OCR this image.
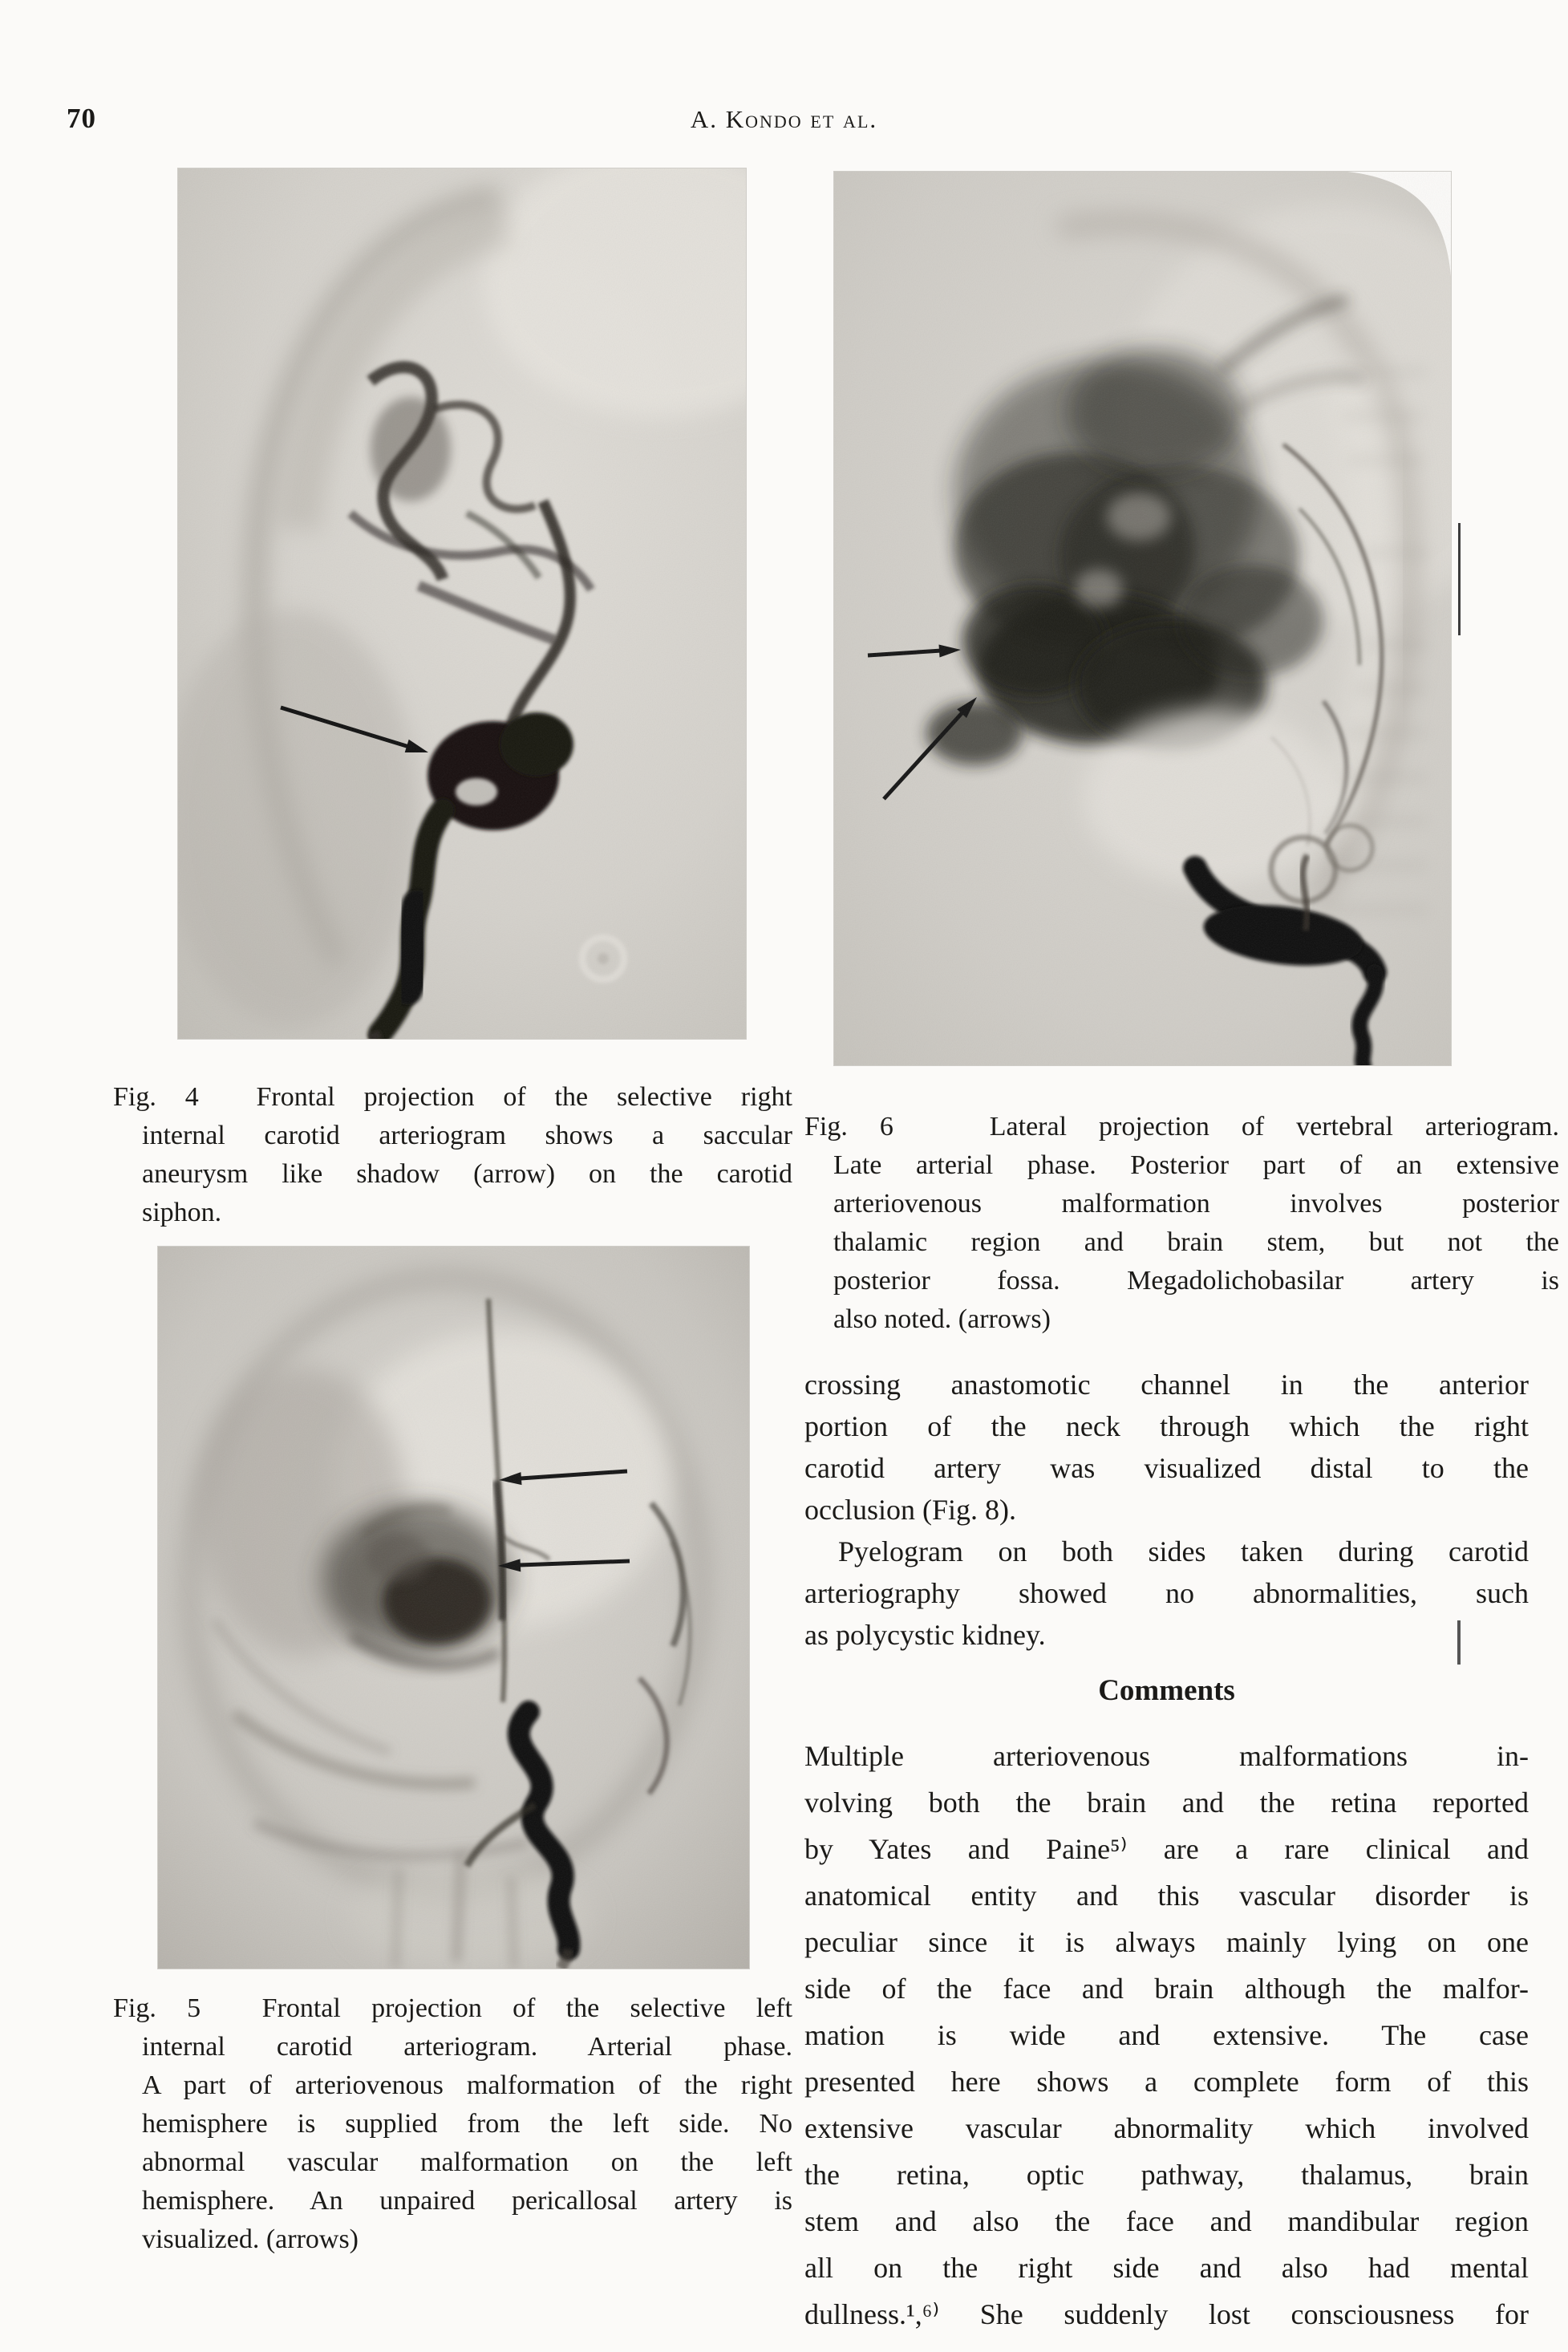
70	A. Kondo et al.
Fig. 4  Frontal projection of the selective right
internal carotid arteriogram shows a saccular
aneurysm like shadow (arrow) on the carotid
siphon.
Fig. 6   Lateral projection of vertebral arteriogram.
Late arterial phase. Posterior part of an extensive
arteriovenous malformation involves posterior
thalamic region and brain stem, but not the
posterior fossa. Megadolichobasilar artery is
also noted. (arrows)
Fig. 5  Frontal projection of the selective left
internal carotid arteriogram. Arterial phase.
A part of arteriovenous malformation of the right
hemisphere is supplied from the left side. No
abnormal vascular malformation on the left
hemisphere. An unpaired pericallosal artery is
visualized. (arrows)
crossing anastomotic channel in the anterior
portion of the neck through which the right
carotid artery was visualized distal to the
occlusion (Fig. 8).
Pyelogram on both sides taken during carotid
arteriography showed no abnormalities, such
as polycystic kidney.
Comments
Multiple arteriovenous malformations in-
volving both the brain and the retina reported
by Yates and Paine⁵⁾ are a rare clinical and
anatomical entity and this vascular disorder is
peculiar since it is always mainly lying on one
side of the face and brain although the malfor-
mation is wide and extensive. The case
presented here shows a complete form of this
extensive vascular abnormality which involved
the retina, optic pathway, thalamus, brain
stem and also the face and mandibular region
all on the right side and also had mental
dullness.¹,⁶⁾ She suddenly lost consciousness for
